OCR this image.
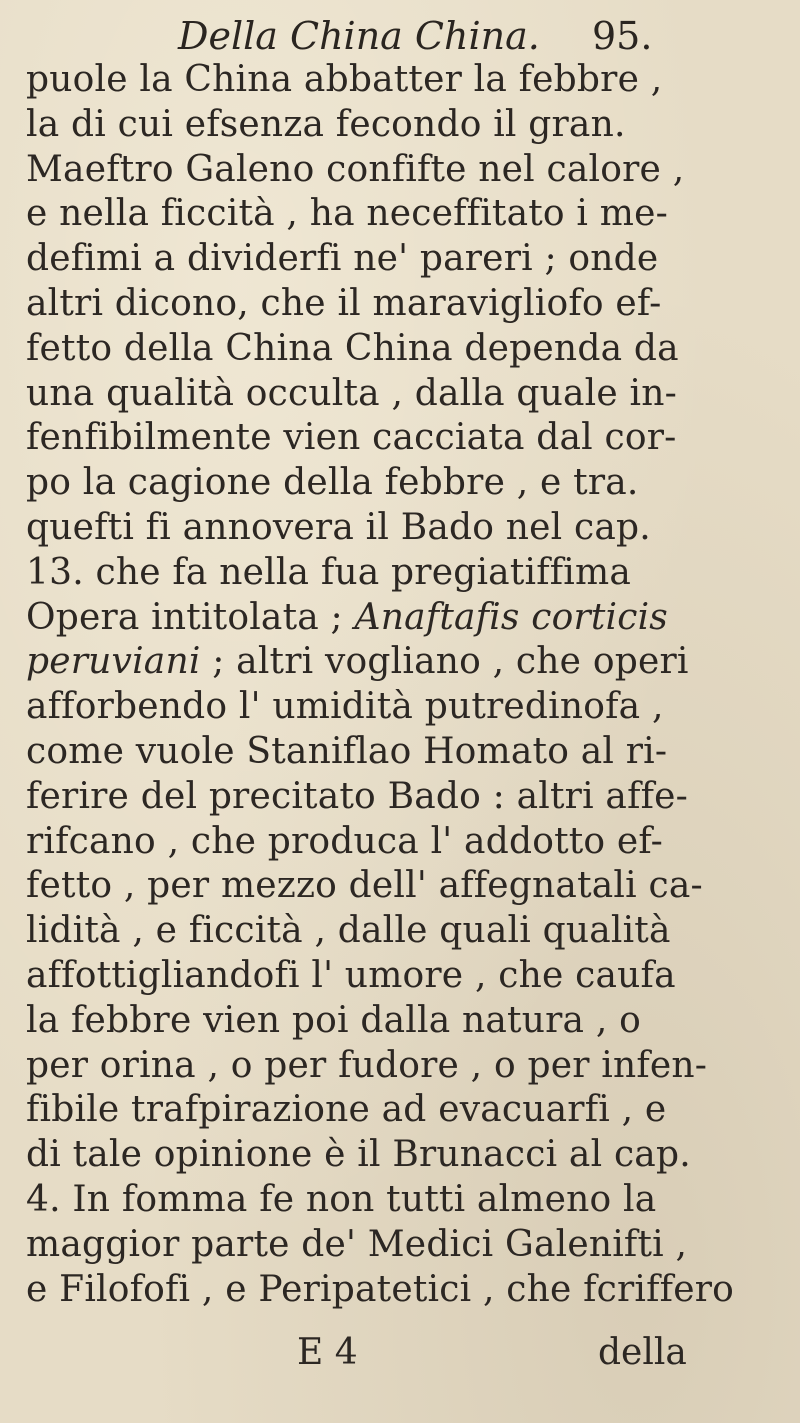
Della China China. 95.
puole la China abbatter la febbre ,
la di cui efsenza fecondo il gran.
Maeftro Galeno confifte nel calore ,
e nella ficcità , ha neceffitato i me-
defimi a dividerfi ne' pareri ; onde
altri dicono, che il maravigliofo ef-
fetto della China China dependa da
una qualità occulta , dalla quale in-
fenfibilmente vien cacciata dal cor-
po la cagione della febbre , e tra.
quefti fi annovera il Bado nel cap.
13. che fa nella fua pregiatiffima
Opera intitolata ; Anaftafis corticis
peruviani ; altri vogliano , che operi
afforbendo l' umidità putredinofa ,
come vuole Staniflao Homato al ri-
ferire del precitato Bado : altri affe-
rifcano , che produca l' addotto ef-
fetto , per mezzo dell' affegnatali ca-
lidità , e ficcità , dalle quali qualità
affottigliandofi l' umore , che caufa
la febbre vien poi dalla natura , o
per orina , o per fudore , o per infen-
fibile trafpirazione ad evacuarfi , e
di tale opinione è il Brunacci al cap.
4. In fomma fe non tutti almeno la
maggior parte de' Medici Galenifti ,
e Filofofi , e Peripatetici , che fcriffero
E 4	della
